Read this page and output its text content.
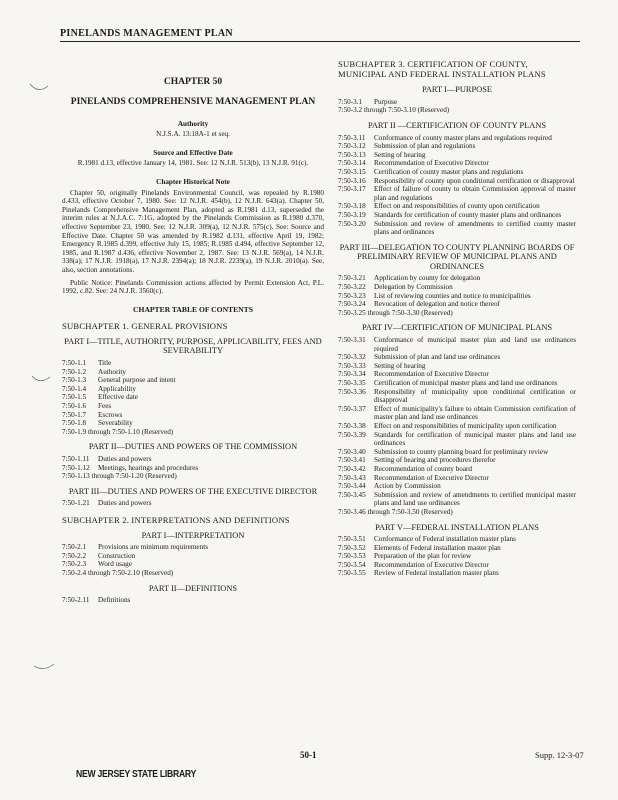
PINELANDS MANAGEMENT PLAN
CHAPTER 50
PINELANDS COMPREHENSIVE MANAGEMENT PLAN
Authority
N.J.S.A. 13:18A-1 et seq.
Source and Effective Date
R.1981 d.13, effective January 14, 1981. See: 12 N.J.R. 513(b), 13 N.J.R. 91(c).
Chapter Historical Note

Chapter 50, originally Pinelands Environmental Council, was repealed by R.1980 d.433, effective October 7, 1980. See: 12 N.J.R. 454(b), 12 N.J.R. 643(a). Chapter 50, Pinelands Comprehensive Management Plan, adopted as R.1981 d.13, superseded the interim rules at N.J.A.C. 7:1G, adopted by the Pinelands Commission as R.1980 d.370, effective September 23, 1980. See: 12 N.J.R. 309(a), 12 N.J.R. 575(c). See: Source and Effective Date. Chapter 50 was amended by R.1982 d.131, effective April 19, 1982; Emergency R.1985 d.399, effective July 15, 1985; R.1985 d.494, effective September 12, 1985, and R.1987 d.436, effective November 2, 1987. See: 13 N.J.R. 569(a), 14 N.J.R. 338(a); 17 N.J.R. 1918(a), 17 N.J.R. 2394(a); 18 N.J.R. 2239(a), 19 N.J.R. 2010(a). See, also, section annotations.

Public Notice: Pinelands Commission actions affected by Permit Extension Act, P.L. 1992, c.82. See: 24 N.J.R. 3560(c).

CHAPTER TABLE OF CONTENTS
SUBCHAPTER 1. GENERAL PROVISIONS
PART I—TITLE, AUTHORITY, PURPOSE, APPLICABILITY, FEES AND SEVERABILITY
7:50-1.1	Title
7:50-1.2	Authority
7:50-1.3	General purpose and intent
7:50-1.4	Applicability
7:50-1.5	Effective date
7:50-1.6	Fees
7:50-1.7	Escrows
7:50-1.8	Severability
7:50-1.9 through 7:50-1.10 (Reserved)
PART II—DUTIES AND POWERS OF THE COMMISSION
7:50-1.11	Duties and powers
7:50-1.12	Meetings, hearings and procedures
7:50-1.13 through 7:50-1.20 (Reserved)
PART III—DUTIES AND POWERS OF THE EXECUTIVE DIRECTOR
7:50-1.21	Duties and powers
SUBCHAPTER 2. INTERPRETATIONS AND DEFINITIONS
PART I—INTERPRETATION
7:50-2.1	Provisions are minimum requirements
7:50-2.2	Construction
7:50-2.3	Word usage
7:50-2.4 through 7:50-2.10 (Reserved)
PART II—DEFINITIONS
7:50-2.11	Definitions
SUBCHAPTER 3. CERTIFICATION OF COUNTY, MUNICIPAL AND FEDERAL INSTALLATION PLANS
PART I—PURPOSE
7:50-3.1	Purpose
7:50-3.2 through 7:50-3.10 (Reserved)
PART II —CERTIFICATION OF COUNTY PLANS
7:50-3.11	Conformance of county master plans and regulations required
7:50-3.12	Submission of plan and regulations
7:50-3.13	Setting of hearing
7:50-3.14	Recommendation of Executive Director
7:50-3.15	Certification of county master plans and regulations
7:50-3.16	Responsibility of county upon conditional certification or disapproval
7:50-3.17	Effect of failure of county to obtain Commission approval of master plan and regulations
7:50-3.18	Effect on and responsibilities of county upon certification
7:50-3.19	Standards for certification of county master plans and ordinances
7:50-3.20	Submission and review of amendments to certified county master plans and ordinances
PART III—DELEGATION TO COUNTY PLANNING BOARDS OF PRELIMINARY REVIEW OF MUNICIPAL PLANS AND ORDINANCES
7:50-3.21	Application by county for delegation
7:50-3.22	Delegation by Commission
7:50-3.23	List of reviewing counties and notice to municipalities
7:50-3.24	Revocation of delegation and notice thereof
7:50-3.25 through 7:50-3.30 (Reserved)
PART IV—CERTIFICATION OF MUNICIPAL PLANS
7:50-3.31	Conformance of municipal master plan and land use ordinances required
7:50-3.32	Submission of plan and land use ordinances
7:50-3.33	Setting of hearing
7:50-3.34	Recommendation of Executive Director
7:50-3.35	Certification of municipal master plans and land use ordinances
7:50-3.36	Responsibility of municipality upon conditional certification or disapproval
7:50-3.37	Effect of municipality's failure to obtain Commission certification of master plan and land use ordinances
7:50-3.38	Effect on and responsibilities of municipality upon certification
7:50-3.39	Standards for certification of municipal master plans and land use ordinances
7:50-3.40	Submission to county planning board for preliminary review
7:50-3.41	Setting of hearing and procedures therefor
7:50-3.42	Recommendation of county board
7:50-3.43	Recommendation of Executive Director
7:50-3.44	Action by Commission
7:50-3.45	Submission and review of amendments to certified municipal master plans and land use ordinances
7:50-3.46 through 7:50-3.50 (Reserved)
PART V—FEDERAL INSTALLATION PLANS
7:50-3.51	Conformance of Federal installation master plans
7:50-3.52	Elements of Federal installation master plan
7:50-3.53	Preparation of the plan for review
7:50-3.54	Recommendation of Executive Director
7:50-3.55	Review of Federal installation master plans
50-1	Supp. 12-3-07
NEW JERSEY STATE LIBRARY
